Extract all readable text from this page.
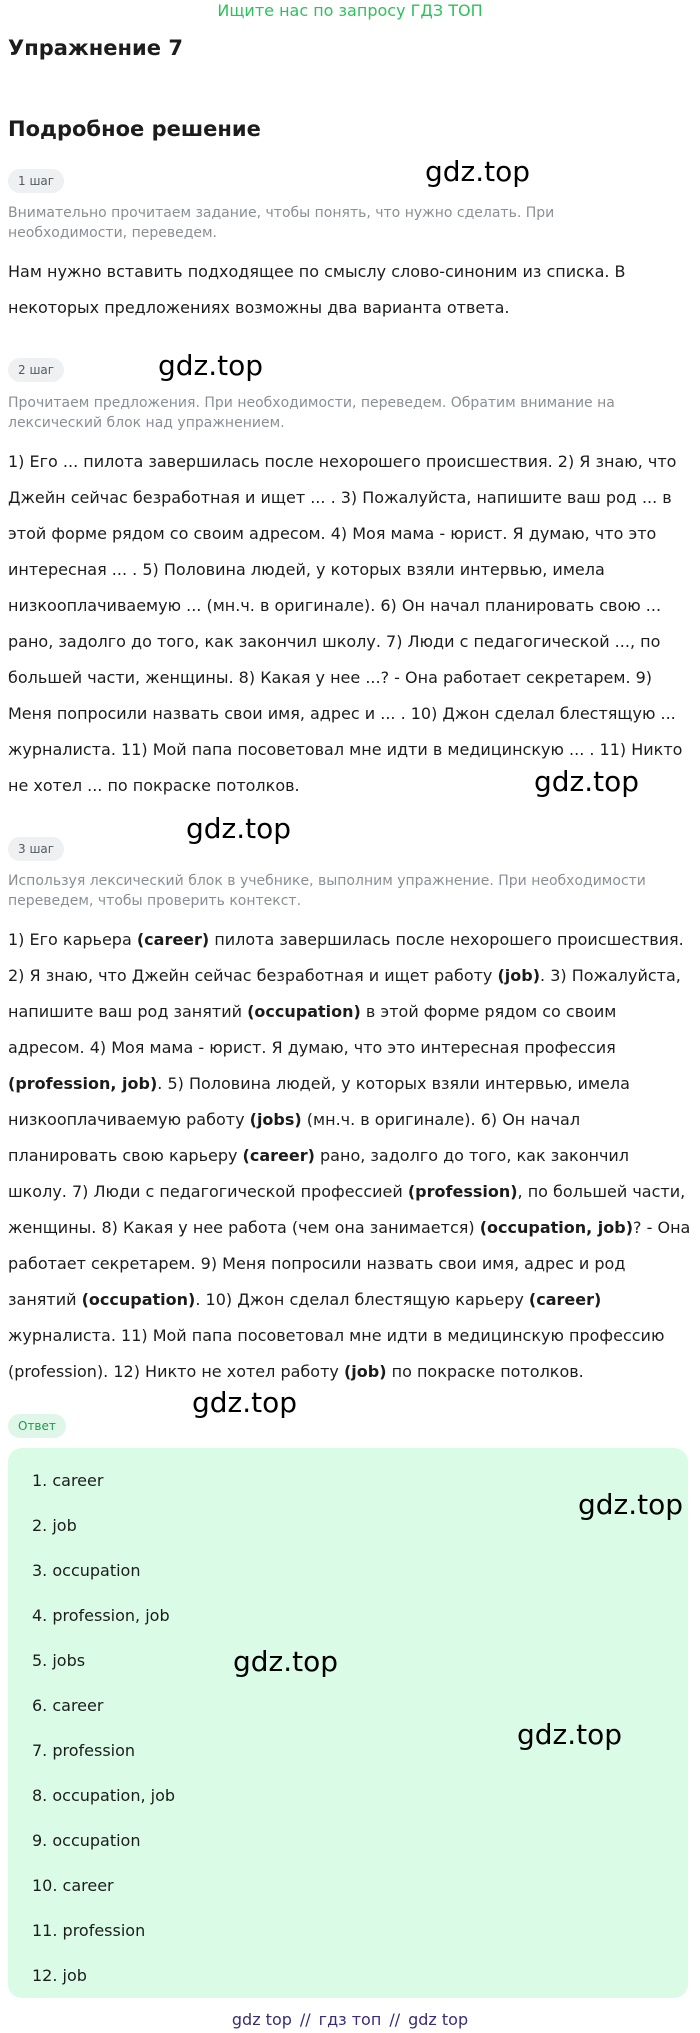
Ищите нас по запросу ГДЗ ТОП
Упражнение 7
Подробное решение
1 шаг	gdz.top
Внимательно прочитаем задание, чтобы понять, что нужно сделать. При необходимости, переведем.
Нам нужно вставить подходящее по смыслу слово-синоним из списка. В некоторых предложениях возможны два варианта ответа.
2 шаг	gdz.top
Прочитаем предложения. При необходимости, переведем. Обратим внимание на лексический блок над упражнением.
1) Его ... пилота завершилась после нехорошего происшествия. 2) Я знаю, что Джейн сейчас безработная и ищет ... . 3) Пожалуйста, напишите ваш род ... в этой форме рядом со своим адресом. 4) Моя мама - юрист. Я думаю, что это интересная ... . 5) Половина людей, у которых взяли интервью, имела низкооплачиваемую ... (мн.ч. в оригинале). 6) Он начал планировать свою ... рано, задолго до того, как закончил школу. 7) Люди с педагогической ..., по большей части, женщины. 8) Какая у нее ...? - Она работает секретарем. 9) Меня попросили назвать свои имя, адрес и ... . 10) Джон сделал блестящую ... журналиста. 11) Мой папа посоветовал мне идти в медицинскую ... . 11) Никто не хотел ... по покраске потолков.	gdz.top
gdz.top
3 шаг
Используя лексический блок в учебнике, выполним упражнение. При необходимости переведем, чтобы проверить контекст.
1) Его карьера (career) пилота завершилась после нехорошего происшествия. 2) Я знаю, что Джейн сейчас безработная и ищет работу (job). 3) Пожалуйста, напишите ваш род занятий (occupation) в этой форме рядом со своим адресом. 4) Моя мама - юрист. Я думаю, что это интересная профессия (profession, job). 5) Половина людей, у которых взяли интервью, имела низкооплачиваемую работу (jobs) (мн.ч. в оригинале). 6) Он начал планировать свою карьеру (career) рано, задолго до того, как закончил школу. 7) Люди с педагогической профессией (profession), по большей части, женщины. 8) Какая у нее работа (чем она занимается) (occupation, job)? - Она работает секретарем. 9) Меня попросили назвать свои имя, адрес и род занятий (occupation). 10) Джон сделал блестящую карьеру (career) журналиста. 11) Мой папа посоветовал мне идти в медицинскую профессию (profession). 12) Никто не хотел работу (job) по покраске потолков.
gdz.top
Ответ
1. career
2. job
3. occupation
4. profession, job
5. jobs
6. career
7. profession
8. occupation, job
9. occupation
10. career
11. profession
12. job
gdz.top
gdz.top
gdz.top
gdz top // гдз топ // gdz top
